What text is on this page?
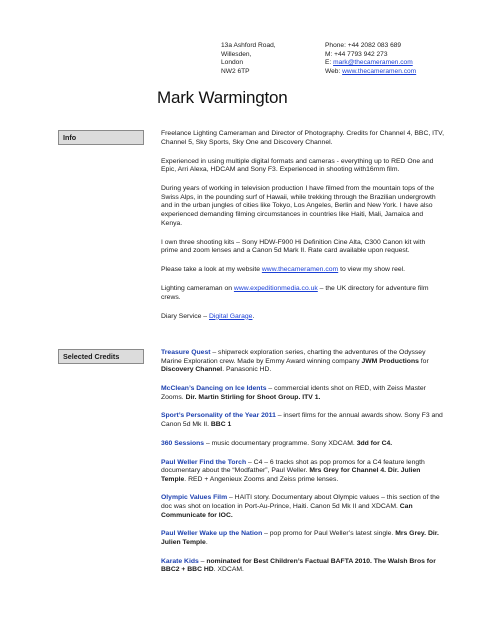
13a Ashford Road,
Willesden,
London
NW2 6TP
Phone: +44 2082 083 689
M: +44 7793 942 273
E: mark@thecameramen.com
Web: www.thecameramen.com
Mark Warmington
Info	Freelance Lighting Cameraman and Director of Photography. Credits for Channel 4, BBC, ITV, Channel 5, Sky Sports, Sky One and Discovery Channel.

Experienced in using multiple digital formats and cameras - everything up to RED One and Epic, Arri Alexa, HDCAM and Sony F3. Experienced in shooting with16mm film.

During years of working in television production I have filmed from the mountain tops of the Swiss Alps, in the pounding surf of Hawaii, while trekking through the Brazilian undergrowth and in the urban jungles of cities like Tokyo, Los Angeles, Berlin and New York. I have also experienced demanding filming circumstances in countries like Haiti, Mali, Jamaica and Kenya.

I own three shooting kits – Sony HDW-F900 Hi Definition Cine Alta, C300 Canon kit with prime and zoom lenses and a Canon 5d Mark II. Rate card available upon request.

Please take a look at my website www.thecameramen.com to view my show reel.

Lighting cameraman on www.expeditionmedia.co.uk – the UK directory for adventure film crews.

Diary Service – Digital Garage.

Selected Credits	Treasure Quest – shipwreck exploration series, charting the adventures of the Odyssey Marine Exploration crew. Made by Emmy Award winning company JWM Productions for Discovery Channel. Panasonic HD.

McClean’s Dancing on Ice Idents – commercial idents shot on RED, with Zeiss Master Zooms. Dir. Martin Stirling for Shoot Group. ITV 1.

Sport’s Personality of the Year 2011 – insert films for the annual awards show. Sony F3 and Canon 5d Mk II. BBC 1

360 Sessions – music documentary programme. Sony XDCAM. 3dd for C4.

Paul Weller Find the Torch – C4 – 6 tracks shot as pop promos for a C4 feature length documentary about the “Modfather”, Paul Weller. Mrs Grey for Channel 4. Dir. Julien Temple. RED + Angenieux Zooms and Zeiss prime lenses.

Olympic Values Film – HAITI story. Documentary about Olympic values – this section of the doc was shot on location in Port-Au-Prince, Haiti. Canon 5d Mk II and XDCAM. Can Communicate for IOC.

Paul Weller Wake up the Nation – pop promo for Paul Weller’s latest single. Mrs Grey. Dir. Julien Temple.

Karate Kids – nominated for Best Children’s Factual BAFTA 2010. The Walsh Bros for BBC2 + BBC HD. XDCAM.
